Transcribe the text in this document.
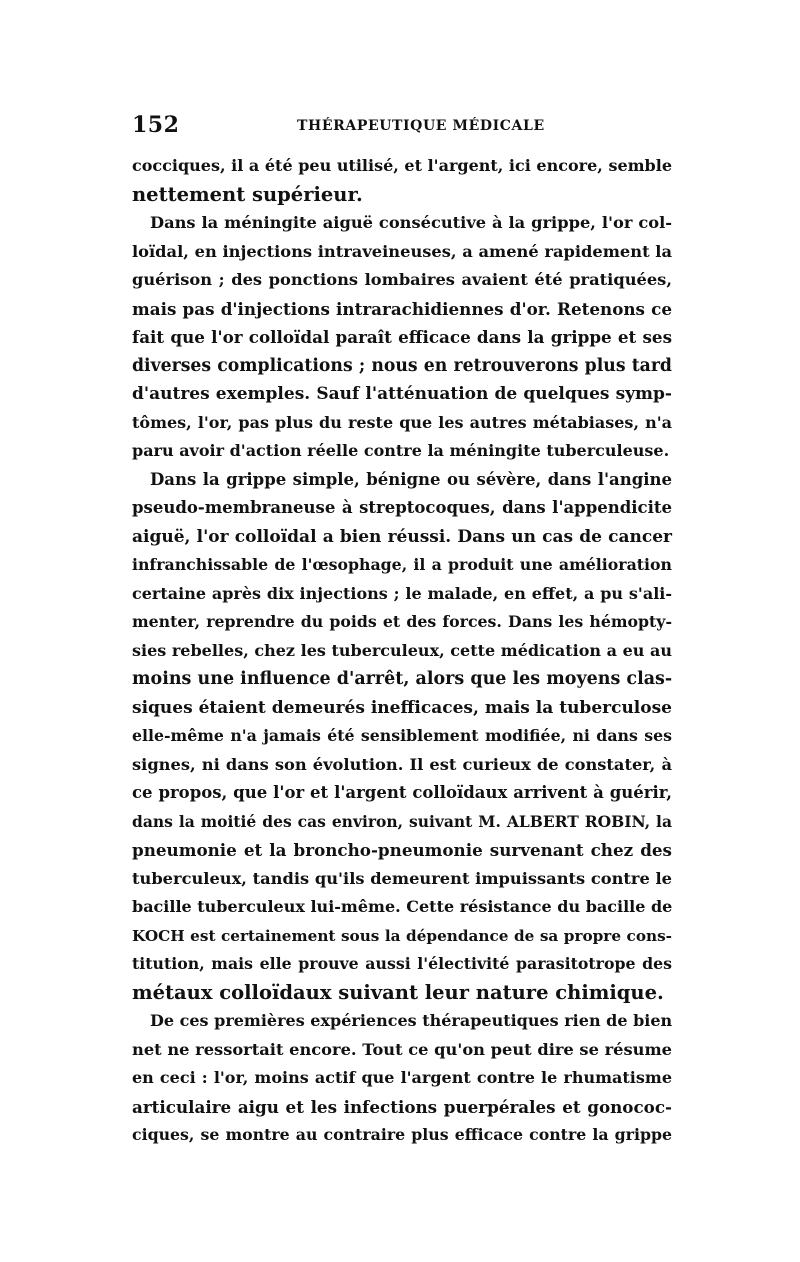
152	THÉRAPEUTIQUE MÉDICALE
cocciques, il a été peu utilisé, et l'argent, ici encore, semble
nettement supérieur.
Dans la méningite aiguë consécutive à la grippe, l'or col-
loïdal, en injections intraveineuses, a amené rapidement la
guérison ; des ponctions lombaires avaient été pratiquées,
mais pas d'injections intrarachidiennes d'or. Retenons ce
fait que l'or colloïdal paraît efficace dans la grippe et ses
diverses complications ; nous en retrouverons plus tard
d'autres exemples. Sauf l'atténuation de quelques symp-
tômes, l'or, pas plus du reste que les autres métabiases, n'a
paru avoir d'action réelle contre la méningite tuberculeuse.
Dans la grippe simple, bénigne ou sévère, dans l'angine
pseudo-membraneuse à streptocoques, dans l'appendicite
aiguë, l'or colloïdal a bien réussi. Dans un cas de cancer
infranchissable de l'œsophage, il a produit une amélioration
certaine après dix injections ; le malade, en effet, a pu s'ali-
menter, reprendre du poids et des forces. Dans les hémopty-
sies rebelles, chez les tuberculeux, cette médication a eu au
moins une influence d'arrêt, alors que les moyens clas-
siques étaient demeurés inefficaces, mais la tuberculose
elle-même n'a jamais été sensiblement modifiée, ni dans ses
signes, ni dans son évolution. Il est curieux de constater, à
ce propos, que l'or et l'argent colloïdaux arrivent à guérir,
dans la moitié des cas environ, suivant M. ALBERT ROBIN, la
pneumonie et la broncho-pneumonie survenant chez des
tuberculeux, tandis qu'ils demeurent impuissants contre le
bacille tuberculeux lui-même. Cette résistance du bacille de
KOCH est certainement sous la dépendance de sa propre cons-
titution, mais elle prouve aussi l'électivité parasitotrope des
métaux colloïdaux suivant leur nature chimique.
De ces premières expériences thérapeutiques rien de bien
net ne ressortait encore. Tout ce qu'on peut dire se résume
en ceci : l'or, moins actif que l'argent contre le rhumatisme
articulaire aigu et les infections puerpérales et gonococ-
ciques, se montre au contraire plus efficace contre la grippe
